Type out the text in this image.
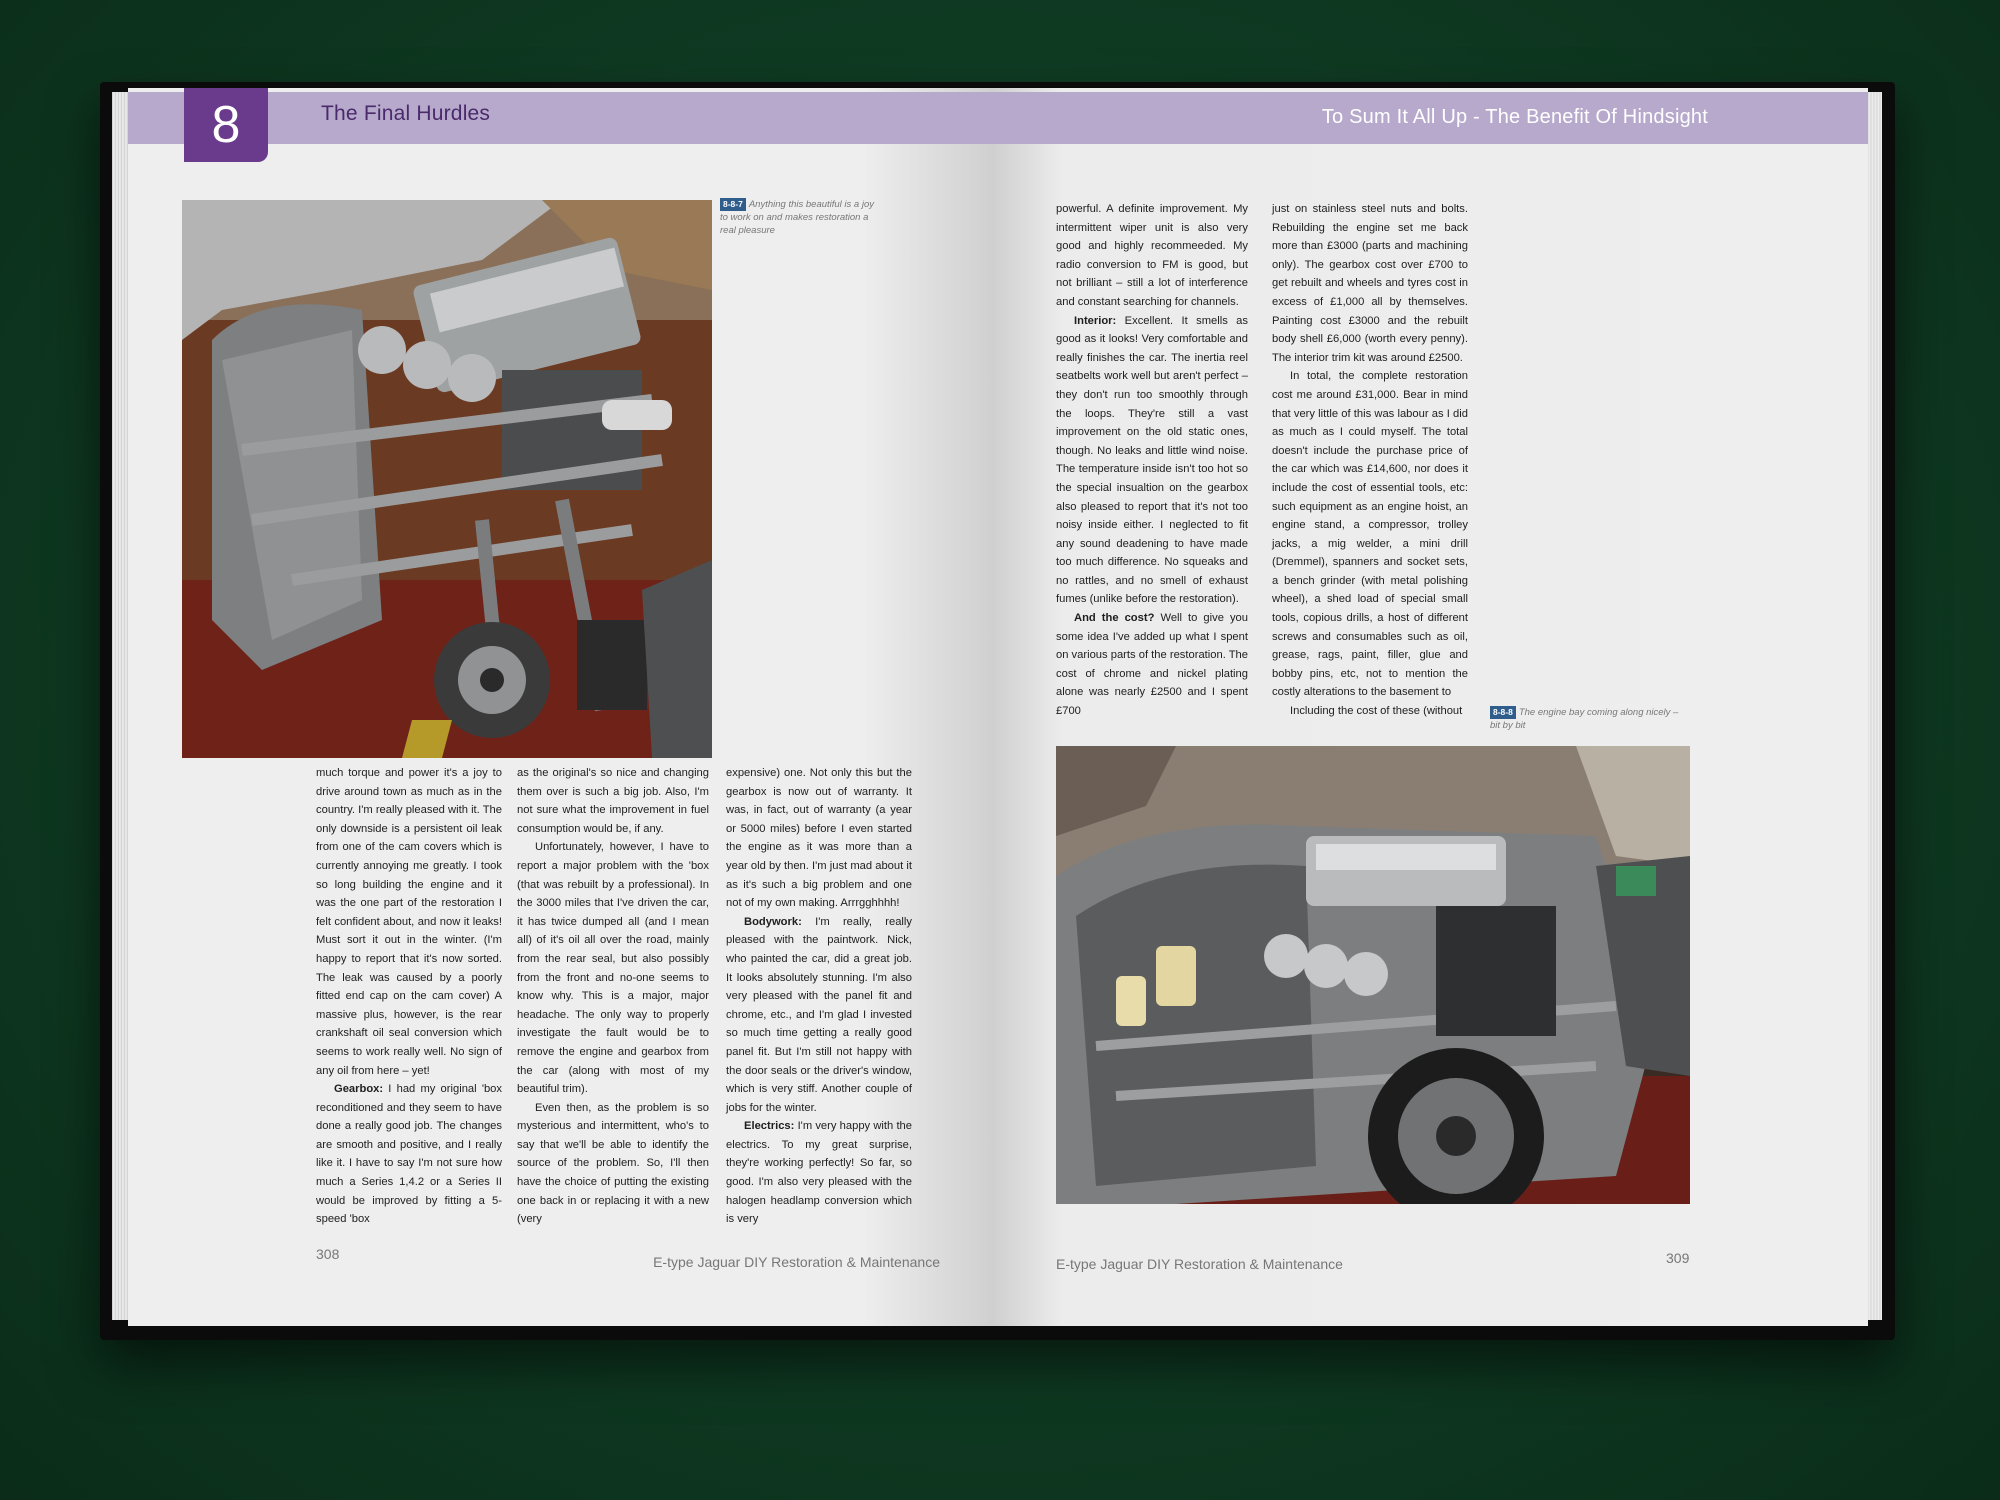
8	The Final Hurdles
8-8-7 Anything this beautiful is a joy to work on and makes restoration a real pleasure

much torque and power it's a joy to drive around town as much as in the country. I'm really pleased with it. The only downside is a persistent oil leak from one of the cam covers which is currently annoying me greatly. I took so long building the engine and it was the one part of the restoration I felt confident about, and now it leaks! Must sort it out in the winter. (I'm happy to report that it's now sorted. The leak was caused by a poorly fitted end cap on the cam cover) A massive plus, however, is the rear crankshaft oil seal conversion which seems to work really well. No sign of any oil from here – yet!

Gearbox: I had my original 'box reconditioned and they seem to have done a really good job. The changes are smooth and positive, and I really like it. I have to say I'm not sure how much a Series 1,4.2 or a Series II would be improved by fitting a 5-speed 'box

as the original's so nice and changing them over is such a big job. Also, I'm not sure what the improvement in fuel consumption would be, if any.

Unfortunately, however, I have to report a major problem with the 'box (that was rebuilt by a professional). In the 3000 miles that I've driven the car, it has twice dumped all (and I mean all) of it's oil all over the road, mainly from the rear seal, but also possibly from the front and no-one seems to know why. This is a major, major headache. The only way to properly investigate the fault would be to remove the engine and gearbox from the car (along with most of my beautiful trim).

Even then, as the problem is so mysterious and intermittent, who's to say that we'll be able to identify the source of the problem. So, I'll then have the choice of putting the existing one back in or replacing it with a new (very

expensive) one. Not only this but the gearbox is now out of warranty. It was, in fact, out of warranty (a year or 5000 miles) before I even started the engine as it was more than a year old by then. I'm just mad about it as it's such a big problem and one not of my own making. Arrrgghhhh!

Bodywork: I'm really, really pleased with the paintwork. Nick, who painted the car, did a great job. It looks absolutely stunning. I'm also very pleased with the panel fit and chrome, etc., and I'm glad I invested so much time getting a really good panel fit. But I'm still not happy with the door seals or the driver's window, which is very stiff. Another couple of jobs for the winter.

Electrics: I'm very happy with the electrics. To my great surprise, they're working perfectly! So far, so good. I'm also very pleased with the halogen headlamp conversion which is very

308	E-type Jaguar DIY Restoration & Maintenance
To Sum It All Up - The Benefit Of Hindsight

powerful. A definite improvement. My intermittent wiper unit is also very good and highly recommeeded. My radio conversion to FM is good, but not brilliant – still a lot of interference and constant searching for channels.

Interior: Excellent. It smells as good as it looks! Very comfortable and really finishes the car. The inertia reel seatbelts work well but aren't perfect – they don't run too smoothly through the loops. They're still a vast improvement on the old static ones, though. No leaks and little wind noise. The temperature inside isn't too hot so the special insualtion on the gearbox also pleased to report that it's not too noisy inside either. I neglected to fit any sound deadening to have made too much difference. No squeaks and no rattles, and no smell of exhaust fumes (unlike before the restoration).

And the cost? Well to give you some idea I've added up what I spent on various parts of the restoration. The cost of chrome and nickel plating alone was nearly £2500 and I spent £700

just on stainless steel nuts and bolts. Rebuilding the engine set me back more than £3000 (parts and machining only). The gearbox cost over £700 to get rebuilt and wheels and tyres cost in excess of £1,000 all by themselves. Painting cost £3000 and the rebuilt body shell £6,000 (worth every penny). The interior trim kit was around £2500.

In total, the complete restoration cost me around £31,000. Bear in mind that very little of this was labour as I did as much as I could myself. The total doesn't include the purchase price of the car which was £14,600, nor does it include the cost of essential tools, etc: such equipment as an engine hoist, an engine stand, a compressor, trolley jacks, a mig welder, a mini drill (Dremmel), spanners and socket sets, a bench grinder (with metal polishing wheel), a shed load of special small tools, copious drills, a host of different screws and consumables such as oil, grease, rags, paint, filler, glue and bobby pins, etc, not to mention the costly alterations to the basement to

Including the cost of these (without	8-8-8 The engine bay coming along nicely – bit by bit
E-type Jaguar DIY Restoration & Maintenance	309
